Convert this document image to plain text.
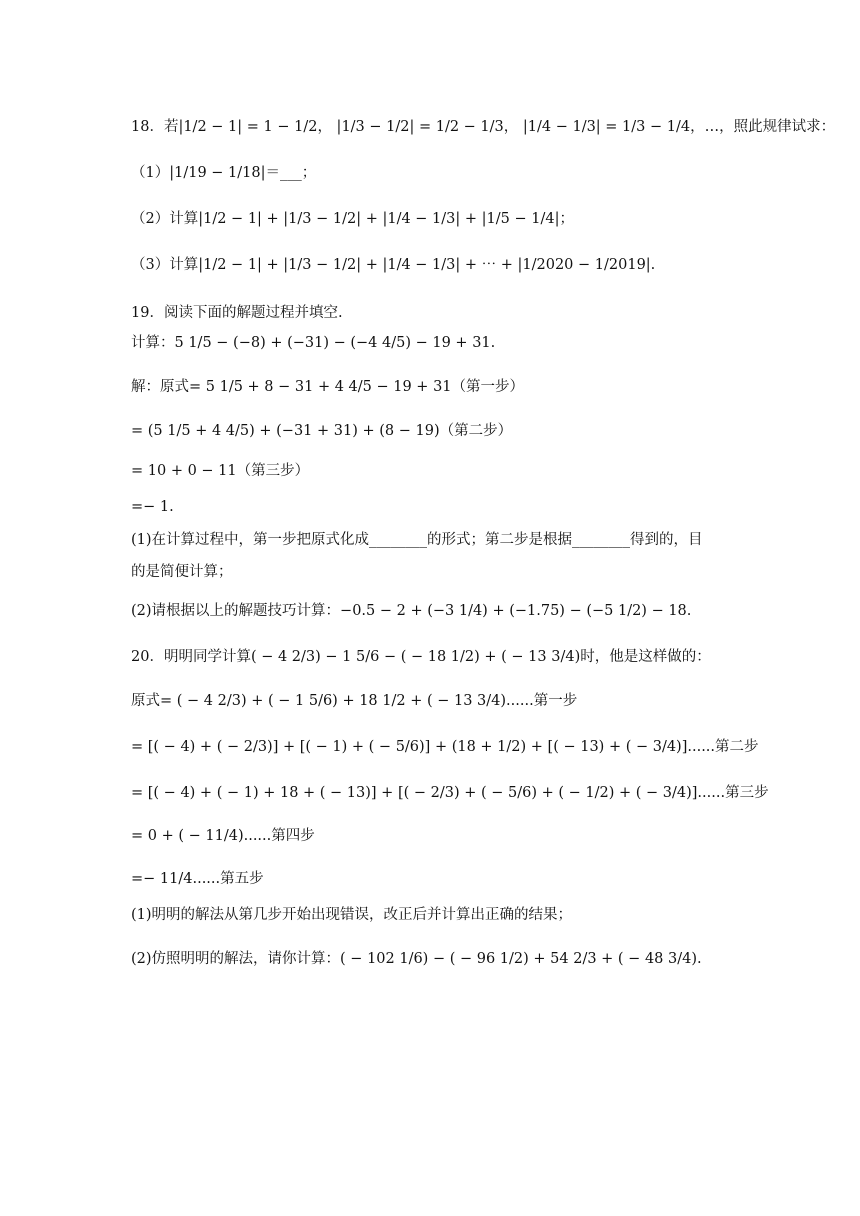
18．若|1/2 − 1| = 1 − 1/2， |1/3 − 1/2| = 1/2 − 1/3， |1/4 − 1/3| = 1/3 − 1/4，…，照此规律试求：
（1）|1/19 − 1/18|＝___；
（2）计算|1/2 − 1| + |1/3 − 1/2| + |1/4 − 1/3| + |1/5 − 1/4|；
（3）计算|1/2 − 1| + |1/3 − 1/2| + |1/4 − 1/3| + ⋯ + |1/2020 − 1/2019|.
19．阅读下面的解题过程并填空.
计算：5 1/5 − (−8) + (−31) − (−4 4/5) − 19 + 31.
解：原式= 5 1/5 + 8 − 31 + 4 4/5 − 19 + 31（第一步）
= (5 1/5 + 4 4/5) + (−31 + 31) + (8 − 19)（第二步）
= 10 + 0 − 11（第三步）
=− 1.
(1)在计算过程中，第一步把原式化成________的形式；第二步是根据________得到的，目
的是简便计算；
(2)请根据以上的解题技巧计算：−0.5 − 2 + (−3 1/4) + (−1.75) − (−5 1/2) − 18.
20．明明同学计算( − 4 2/3) − 1 5/6 − ( − 18 1/2) + ( − 13 3/4)时，他是这样做的：
原式= ( − 4 2/3) + ( − 1 5/6) + 18 1/2 + ( − 13 3/4)......第一步
= [( − 4) + ( − 2/3)] + [( − 1) + ( − 5/6)] + (18 + 1/2) + [( − 13) + ( − 3/4)]......第二步
= [( − 4) + ( − 1) + 18 + ( − 13)] + [( − 2/3) + ( − 5/6) + ( − 1/2) + ( − 3/4)]......第三步
= 0 + ( − 11/4)......第四步
=− 11/4......第五步
(1)明明的解法从第几步开始出现错误，改正后并计算出正确的结果；
(2)仿照明明的解法，请你计算：( − 102 1/6) − ( − 96 1/2) + 54 2/3 + ( − 48 3/4).
